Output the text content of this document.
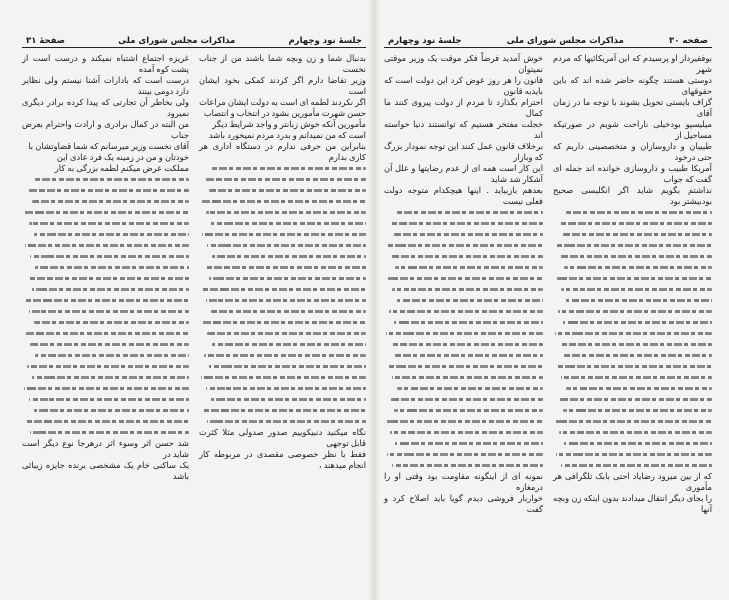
جلسهٔ نود وچهارم
مذاکرات مجلس شورای ملی
صفحهٔ ۳۱
بدنبال شما و زن وبچه شما باشند من از جناب نخست
وزیر تقاضا دارم اگر کردند کمکی بخود ایشان است
اگر نکردند لطمه ای است به دولت ایشان مراعات
حسن شهرت مأمورین بشود در انتخاب و انتصاب
مأمورین آنکه خوش زبانتر و واجد شرایط دیگر
است که من نمیدانم و بدرد مردم نمیخورد باشد
بنابراین من حرفی ندارم در دستگاه اداری هر کاری بدارم
نگاه میکنید دنبیکوییم صدور صدولی مثلا کثرت قابل توجهی
فقط با نظر خصوصی مقصدی در مربوطه کار انجام میدهند ،
غریزه اجتماع اشتباه نمیکند و درست است از پشت کوه آمده
درست است که بادارات آشنا نیستم ولی نظایر دارد دومی بینند
ولی بخاطر آن تجارتی که پیدا کرده برادر دیگری نمیرود
من البته در کمال برادری و ارادت واحترام بعرض جناب
آقای نخست وزیر میرسانم که شما قضاوتشان با
خودتان و من در زمینه یک فرد عادی این
مملکت عرض میکنم لطمه بزرگی به کار
شد حسن اثر وسوء اثر درهرجا نوع دیگر است شاید در
یک ساکنی خام یک مشخصی برنده جایزه زیبائی باشد
صفحه ۳۰
مذاکرات مجلس شورای ملی
جلسهٔ نود وچهارم
بوفقیرداز او پرسیدم که این آمریکائیها که مردم شهر
دوستی هستند چگونه حاضر شده اند که باین حقوقهای
گزاف بایستی تحویل بشوند با توجه ما در زمان آقای
میلیسپو بودخیلی ناراحت شویم در صورتیکه مساحیل از
طبیبان و داروسازان و متخصصینی داریم که حتی درخود
آمریکا طبیب و داروسازی خوانده اند جمله ای گفت که جواب
نداشتم بگویم شاید اگر انگلیسی صحیح بودبیشتر بود
که از بین میرود رضایاد احتی بابک تلگرافی هر مأموری
را بجای دیگر انتقال میدادند بدون اینکه زن وبچه آنها
خوش آمدید فرضاً فکر موقت یک وزیر موقتی نمیتوان
قانون را هر روز عوض کرد این دولت است که بایدبه قانون
احترام بگذارد تا مردم از دولت پیروی کنند ما کمال
خجلت مفتخر هستیم که توانستند دنیا خواسته اند
برخلاف قانون عمل کنند این توجه نمودار بزرگ که وبازار
این کار است همه ای از عدم رضایتها و علل آن آشکار شد شاید
بعدهم بازبیاید . اینها هیچکدام متوجه دولت فعلی نیست
نمونه ای از اینگونه مقاومت بود وقتی او را درمغازه
خواربار فروشی دیدم گویا باید اصلاح کرد و گفت
